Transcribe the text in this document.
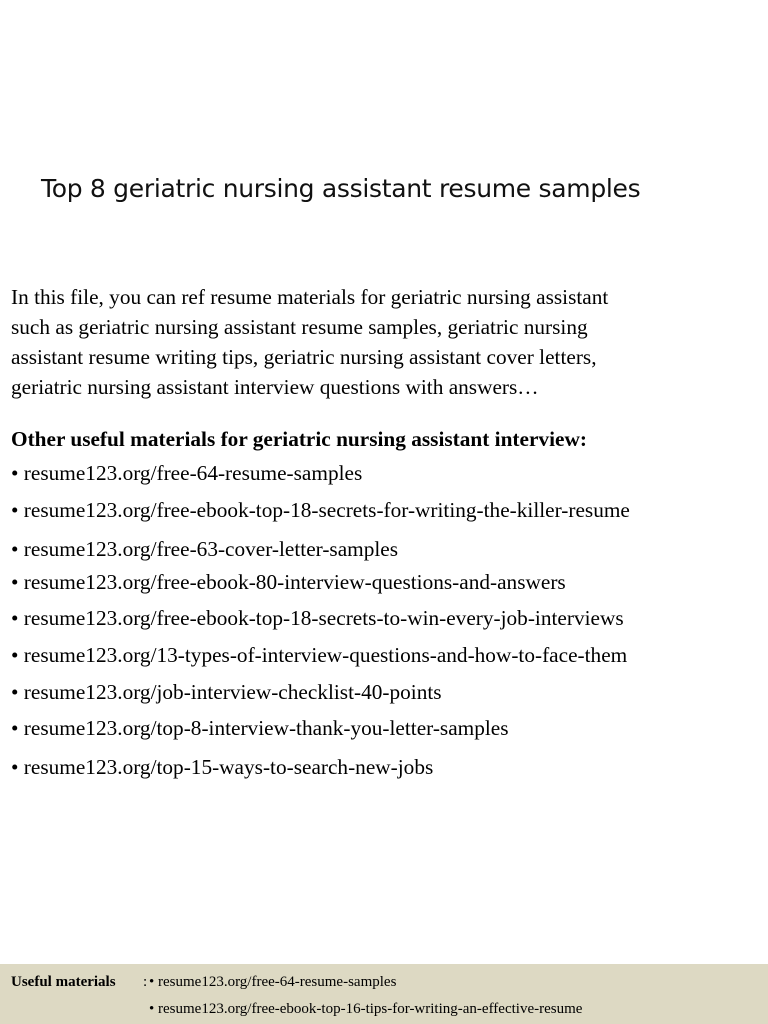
Top 8 geriatric nursing assistant resume samples

In this file, you can ref resume materials for geriatric nursing assistant
such as geriatric nursing assistant resume samples, geriatric nursing
assistant resume writing tips, geriatric nursing assistant cover letters,
geriatric nursing assistant interview questions with answers…

Other useful materials for geriatric nursing assistant interview:
• resume123.org/free-64-resume-samples
• resume123.org/free-ebook-top-18-secrets-for-writing-the-killer-resume
• resume123.org/free-63-cover-letter-samples
• resume123.org/free-ebook-80-interview-questions-and-answers
• resume123.org/free-ebook-top-18-secrets-to-win-every-job-interviews
• resume123.org/13-types-of-interview-questions-and-how-to-face-them
• resume123.org/job-interview-checklist-40-points
• resume123.org/top-8-interview-thank-you-letter-samples
• resume123.org/top-15-ways-to-search-new-jobs
Useful materials : • resume123.org/free-64-resume-samples
• resume123.org/free-ebook-top-16-tips-for-writing-an-effective-resume
